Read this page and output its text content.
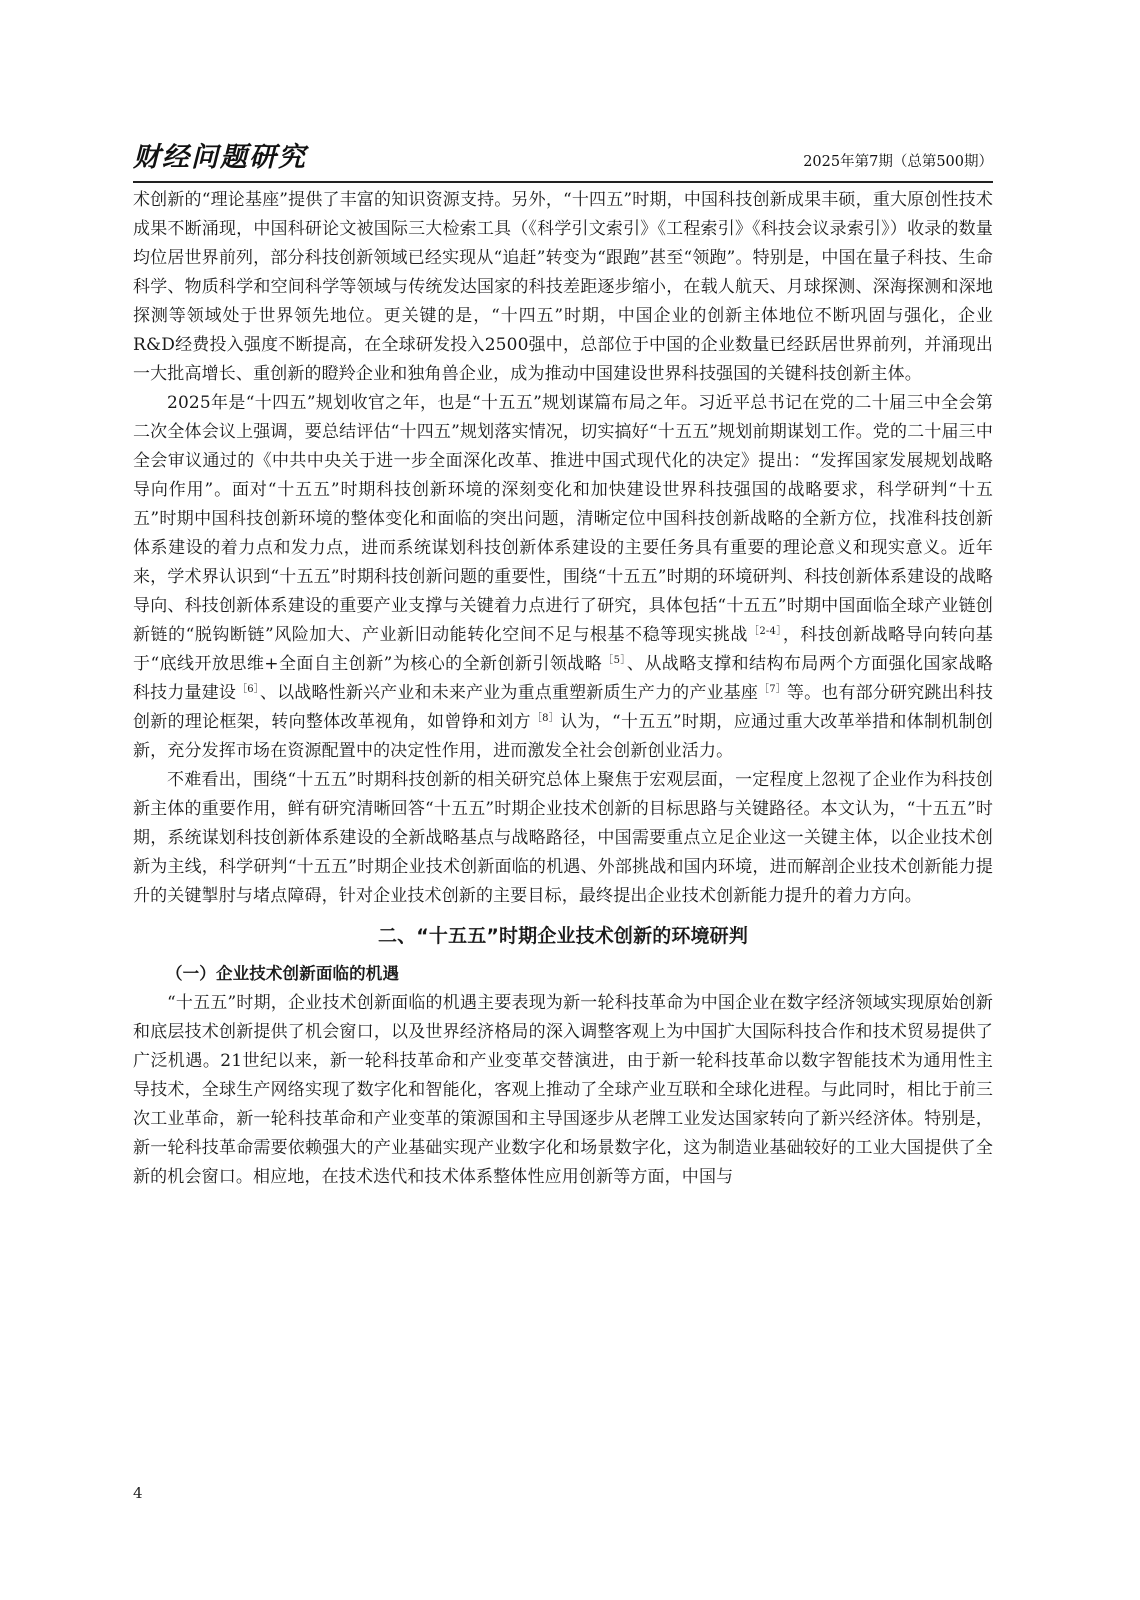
财经问题研究	2025年第7期（总第500期）

术创新的“理论基座”提供了丰富的知识资源支持。另外，“十四五”时期，中国科技创新成果丰硕，重大原创性技术成果不断涌现，中国科研论文被国际三大检索工具（《科学引文索引》《工程索引》《科技会议录索引》）收录的数量均位居世界前列，部分科技创新领域已经实现从“追赶”转变为“跟跑”甚至“领跑”。特别是，中国在量子科技、生命科学、物质科学和空间科学等领域与传统发达国家的科技差距逐步缩小，在载人航天、月球探测、深海探测和深地探测等领域处于世界领先地位。更关键的是，“十四五”时期，中国企业的创新主体地位不断巩固与强化，企业R&D经费投入强度不断提高，在全球研发投入2500强中，总部位于中国的企业数量已经跃居世界前列，并涌现出一大批高增长、重创新的瞪羚企业和独角兽企业，成为推动中国建设世界科技强国的关键科技创新主体。

2025年是“十四五”规划收官之年，也是“十五五”规划谋篇布局之年。习近平总书记在党的二十届三中全会第二次全体会议上强调，要总结评估“十四五”规划落实情况，切实搞好“十五五”规划前期谋划工作。党的二十届三中全会审议通过的《中共中央关于进一步全面深化改革、推进中国式现代化的决定》提出：“发挥国家发展规划战略导向作用”。面对“十五五”时期科技创新环境的深刻变化和加快建设世界科技强国的战略要求，科学研判“十五五”时期中国科技创新环境的整体变化和面临的突出问题，清晰定位中国科技创新战略的全新方位，找准科技创新体系建设的着力点和发力点，进而系统谋划科技创新体系建设的主要任务具有重要的理论意义和现实意义。近年来，学术界认识到“十五五”时期科技创新问题的重要性，围绕“十五五”时期的环境研判、科技创新体系建设的战略导向、科技创新体系建设的重要产业支撑与关键着力点进行了研究，具体包括“十五五”时期中国面临全球产业链创新链的“脱钩断链”风险加大、产业新旧动能转化空间不足与根基不稳等现实挑战$^{[2-4]}$，科技创新战略导向转向基于“底线开放思维+全面自主创新”为核心的全新创新引领战略$^{[5]}$、从战略支撑和结构布局两个方面强化国家战略科技力量建设$^{[6]}$、以战略性新兴产业和未来产业为重点重塑新质生产力的产业基座$^{[7]}$等。也有部分研究跳出科技创新的理论框架，转向整体改革视角，如曾铮和刘方$^{[8]}$认为，“十五五”时期，应通过重大改革举措和体制机制创新，充分发挥市场在资源配置中的决定性作用，进而激发全社会创新创业活力。

不难看出，围绕“十五五”时期科技创新的相关研究总体上聚焦于宏观层面，一定程度上忽视了企业作为科技创新主体的重要作用，鲜有研究清晰回答“十五五”时期企业技术创新的目标思路与关键路径。本文认为，“十五五”时期，系统谋划科技创新体系建设的全新战略基点与战略路径，中国需要重点立足企业这一关键主体，以企业技术创新为主线，科学研判“十五五”时期企业技术创新面临的机遇、外部挑战和国内环境，进而解剖企业技术创新能力提升的关键掣肘与堵点障碍，针对企业技术创新的主要目标，最终提出企业技术创新能力提升的着力方向。

二、“十五五”时期企业技术创新的环境研判

（一）企业技术创新面临的机遇

“十五五”时期，企业技术创新面临的机遇主要表现为新一轮科技革命为中国企业在数字经济领域实现原始创新和底层技术创新提供了机会窗口，以及世界经济格局的深入调整客观上为中国扩大国际科技合作和技术贸易提供了广泛机遇。21世纪以来，新一轮科技革命和产业变革交替演进，由于新一轮科技革命以数字智能技术为通用性主导技术，全球生产网络实现了数字化和智能化，客观上推动了全球产业互联和全球化进程。与此同时，相比于前三次工业革命，新一轮科技革命和产业变革的策源国和主导国逐步从老牌工业发达国家转向了新兴经济体。特别是，新一轮科技革命需要依赖强大的产业基础实现产业数字化和场景数字化，这为制造业基础较好的工业大国提供了全新的机会窗口。相应地，在技术迭代和技术体系整体性应用创新等方面，中国与

4
